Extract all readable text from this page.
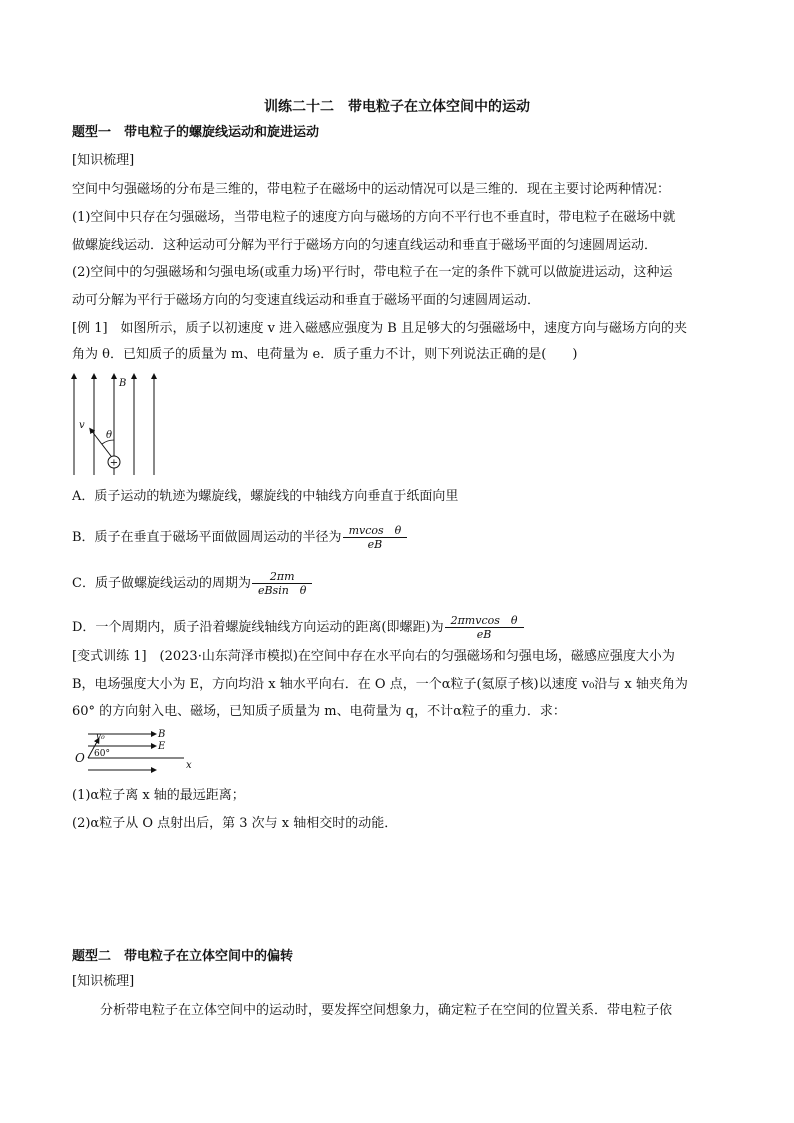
训练二十二　带电粒子在立体空间中的运动
题型一　带电粒子的螺旋线运动和旋进运动
[知识梳理]
空间中匀强磁场的分布是三维的，带电粒子在磁场中的运动情况可以是三维的．现在主要讨论两种情况：
(1)空间中只存在匀强磁场，当带电粒子的速度方向与磁场的方向不平行也不垂直时，带电粒子在磁场中就
做螺旋线运动．这种运动可分解为平行于磁场方向的匀速直线运动和垂直于磁场平面的匀速圆周运动．
(2)空间中的匀强磁场和匀强电场(或重力场)平行时，带电粒子在一定的条件下就可以做旋进运动，这种运
动可分解为平行于磁场方向的匀变速直线运动和垂直于磁场平面的匀速圆周运动．
[例 1]　如图所示，质子以初速度 v 进入磁感应强度为 B 且足够大的匀强磁场中，速度方向与磁场方向的夹
角为 θ．已知质子的质量为 m、电荷量为 e．质子重力不计，则下列说法正确的是(　　)
B
v
θ
+
A．质子运动的轨迹为螺旋线，螺旋线的中轴线方向垂直于纸面向里
B．质子在垂直于磁场平面做圆周运动的半径为 $\frac{\text{mvcos　θ}}{eB}$
C．质子做螺旋线运动的周期为 $\frac{2\pi m}{\text{eBsin　θ}}$
D．一个周期内，质子沿着螺旋线轴线方向运动的距离(即螺距)为 $\frac{\text{2πmvcos　θ}}{eB}$
[变式训练 1]　(2023·山东菏泽市模拟)在空间中存在水平向右的匀强磁场和匀强电场，磁感应强度大小为
B，电场强度大小为 E，方向均沿 x 轴水平向右．在 O 点，一个α粒子(氦原子核)以速度 v₀沿与 x 轴夹角为
60° 的方向射入电、磁场，已知质子质量为 m、电荷量为 q，不计α粒子的重力．求：
v₀
60°
B
E
x
O
(1)α粒子离 x 轴的最远距离；
(2)α粒子从 O 点射出后，第 3 次与 x 轴相交时的动能．
题型二　带电粒子在立体空间中的偏转
[知识梳理]
分析带电粒子在立体空间中的运动时，要发挥空间想象力，确定粒子在空间的位置关系．带电粒子依
